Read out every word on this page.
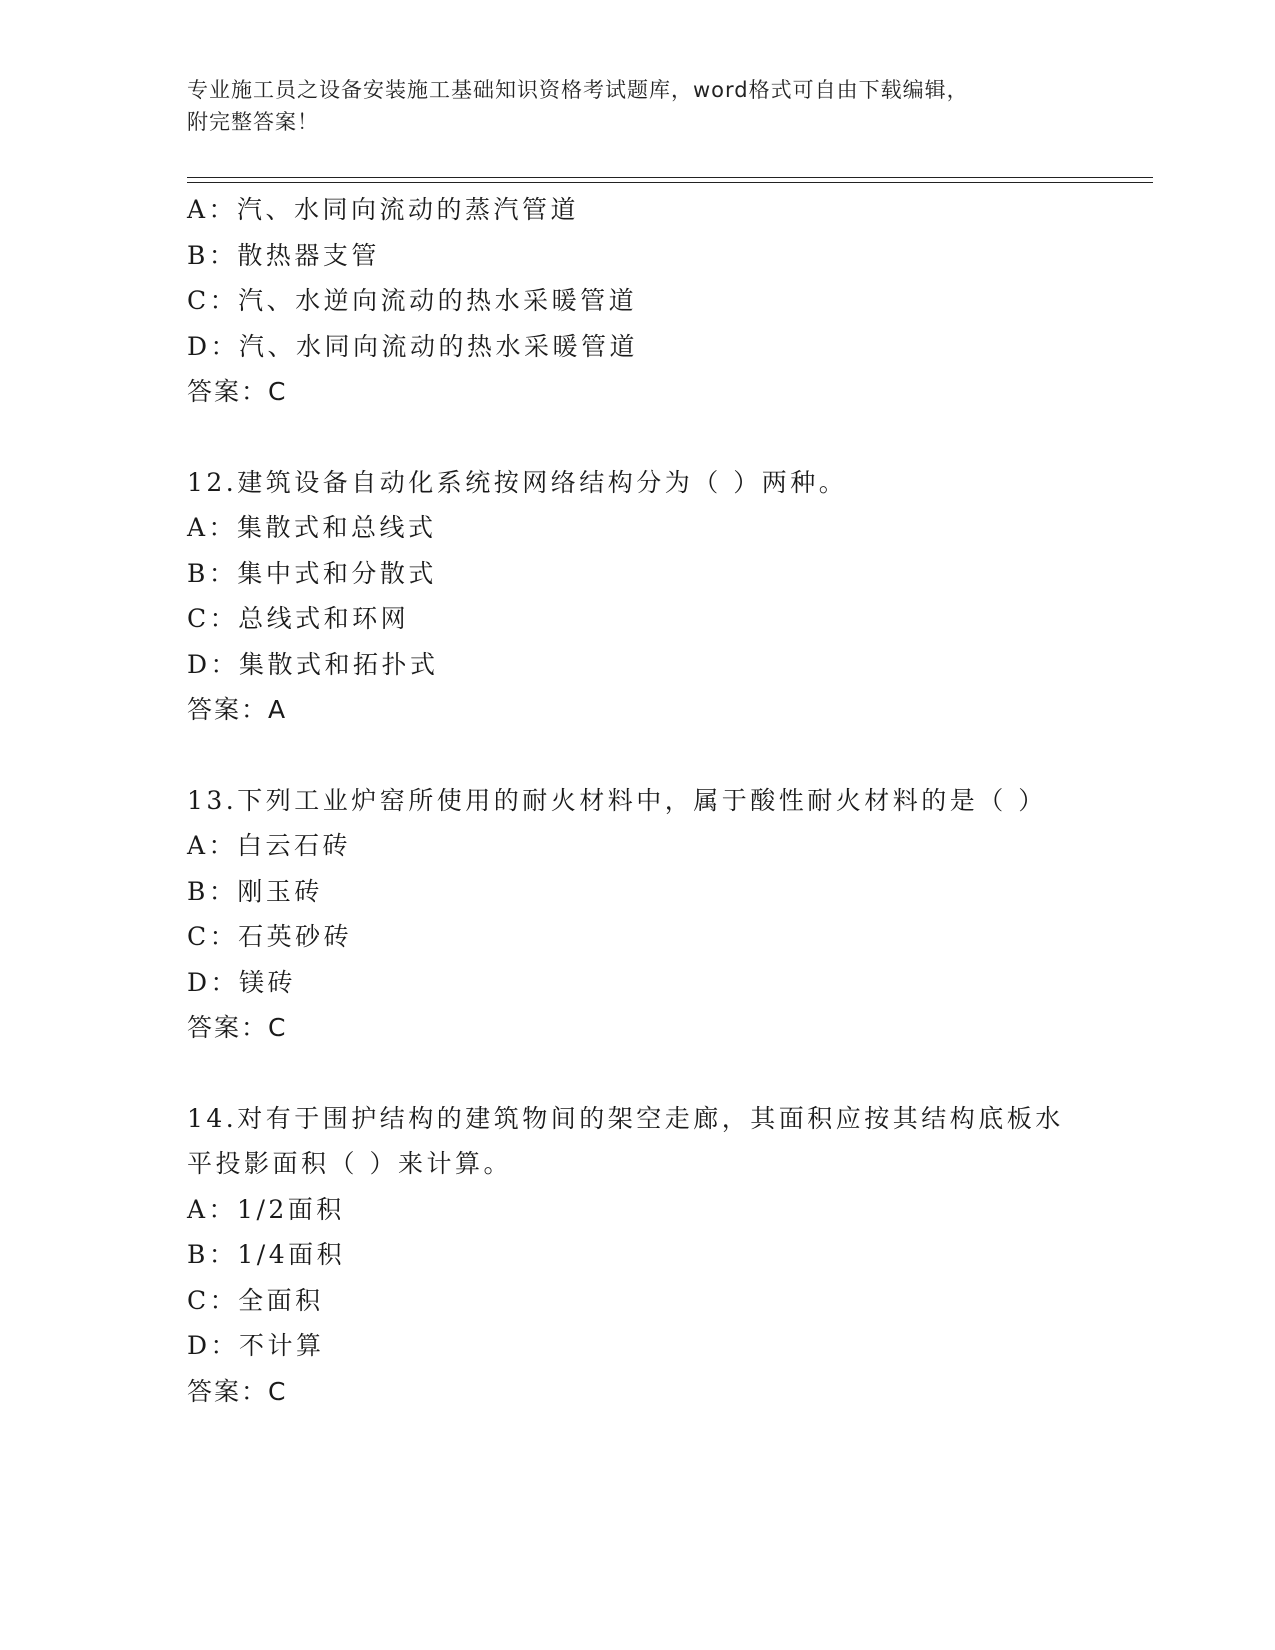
专业施工员之设备安装施工基础知识资格考试题库，word格式可自由下载编辑，
附完整答案！
A：汽、水同向流动的蒸汽管道
B：散热器支管
C：汽、水逆向流动的热水采暖管道
D：汽、水同向流动的热水采暖管道
答案：C
12.建筑设备自动化系统按网络结构分为（ ）两种。
A：集散式和总线式
B：集中式和分散式
C：总线式和环网
D：集散式和拓扑式
答案：A
13.下列工业炉窑所使用的耐火材料中，属于酸性耐火材料的是（ ）
A：白云石砖
B：刚玉砖
C：石英砂砖
D：镁砖
答案：C
14.对有于围护结构的建筑物间的架空走廊，其面积应按其结构底板水
平投影面积（ ）来计算。
A：1/2面积
B：1/4面积
C：全面积
D：不计算
答案：C
